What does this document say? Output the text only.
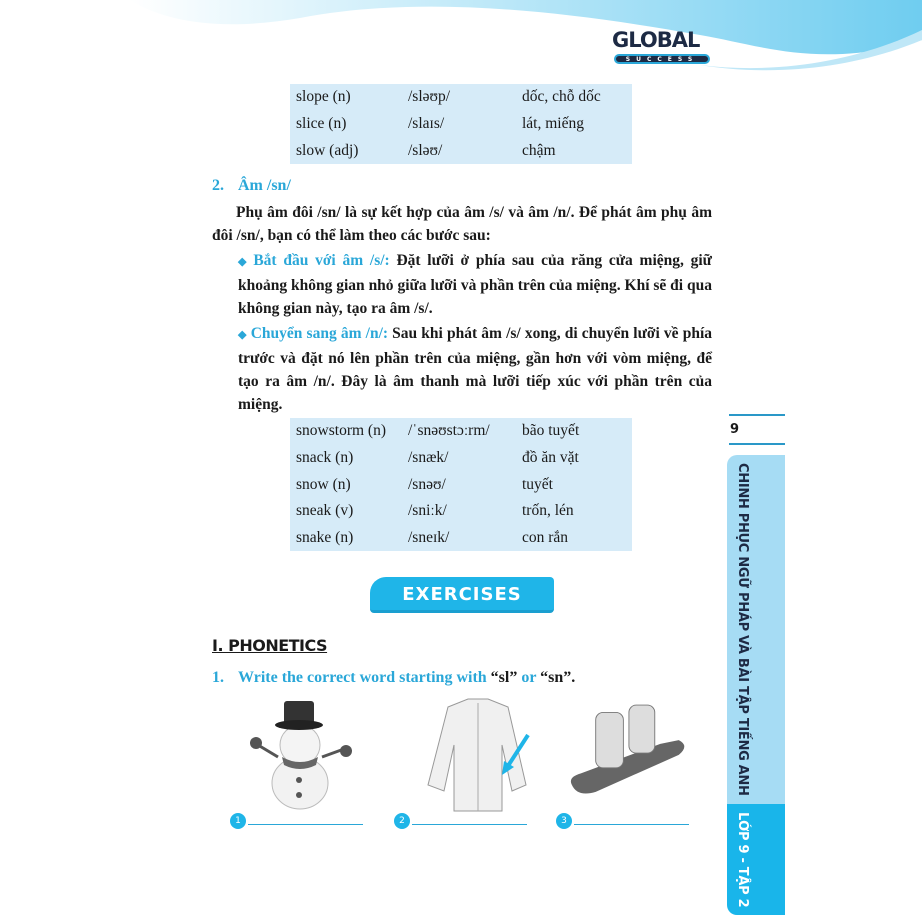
GLOBAL
SUCCESS
slope (n)	/sləʊp/	dốc, chỗ dốc
slice (n)	/slaɪs/	lát, miếng
slow (adj)	/sləʊ/	chậm
2. Âm /sn/
Phụ âm đôi /sn/ là sự kết hợp của âm /s/ và âm /n/. Để phát âm phụ âm đôi /sn/, bạn có thể làm theo các bước sau:
◆ Bắt đầu với âm /s/: Đặt lưỡi ở phía sau của răng cửa miệng, giữ khoảng không gian nhỏ giữa lưỡi và phần trên của miệng. Khí sẽ đi qua không gian này, tạo ra âm /s/.
◆ Chuyển sang âm /n/: Sau khi phát âm /s/ xong, di chuyển lưỡi về phía trước và đặt nó lên phần trên của miệng, gần hơn với vòm miệng, để tạo ra âm /n/. Đây là âm thanh mà lưỡi tiếp xúc với phần trên của miệng.
snowstorm (n)	/ˈsnəʊstɔːrm/	bão tuyết
snack (n)	/snæk/	đồ ăn vặt
snow (n)	/snəʊ/	tuyết
sneak (v)	/sniːk/	trốn, lén
snake (n)	/sneɪk/	con rắn
EXERCISES
I. PHONETICS
1. Write the correct word starting with “sl” or “sn”.
1	2	3
9
CHINH PHỤC NGỮ PHÁP VÀ BÀI TẬP TIẾNG ANH
LỚP 9 - TẬP 2
